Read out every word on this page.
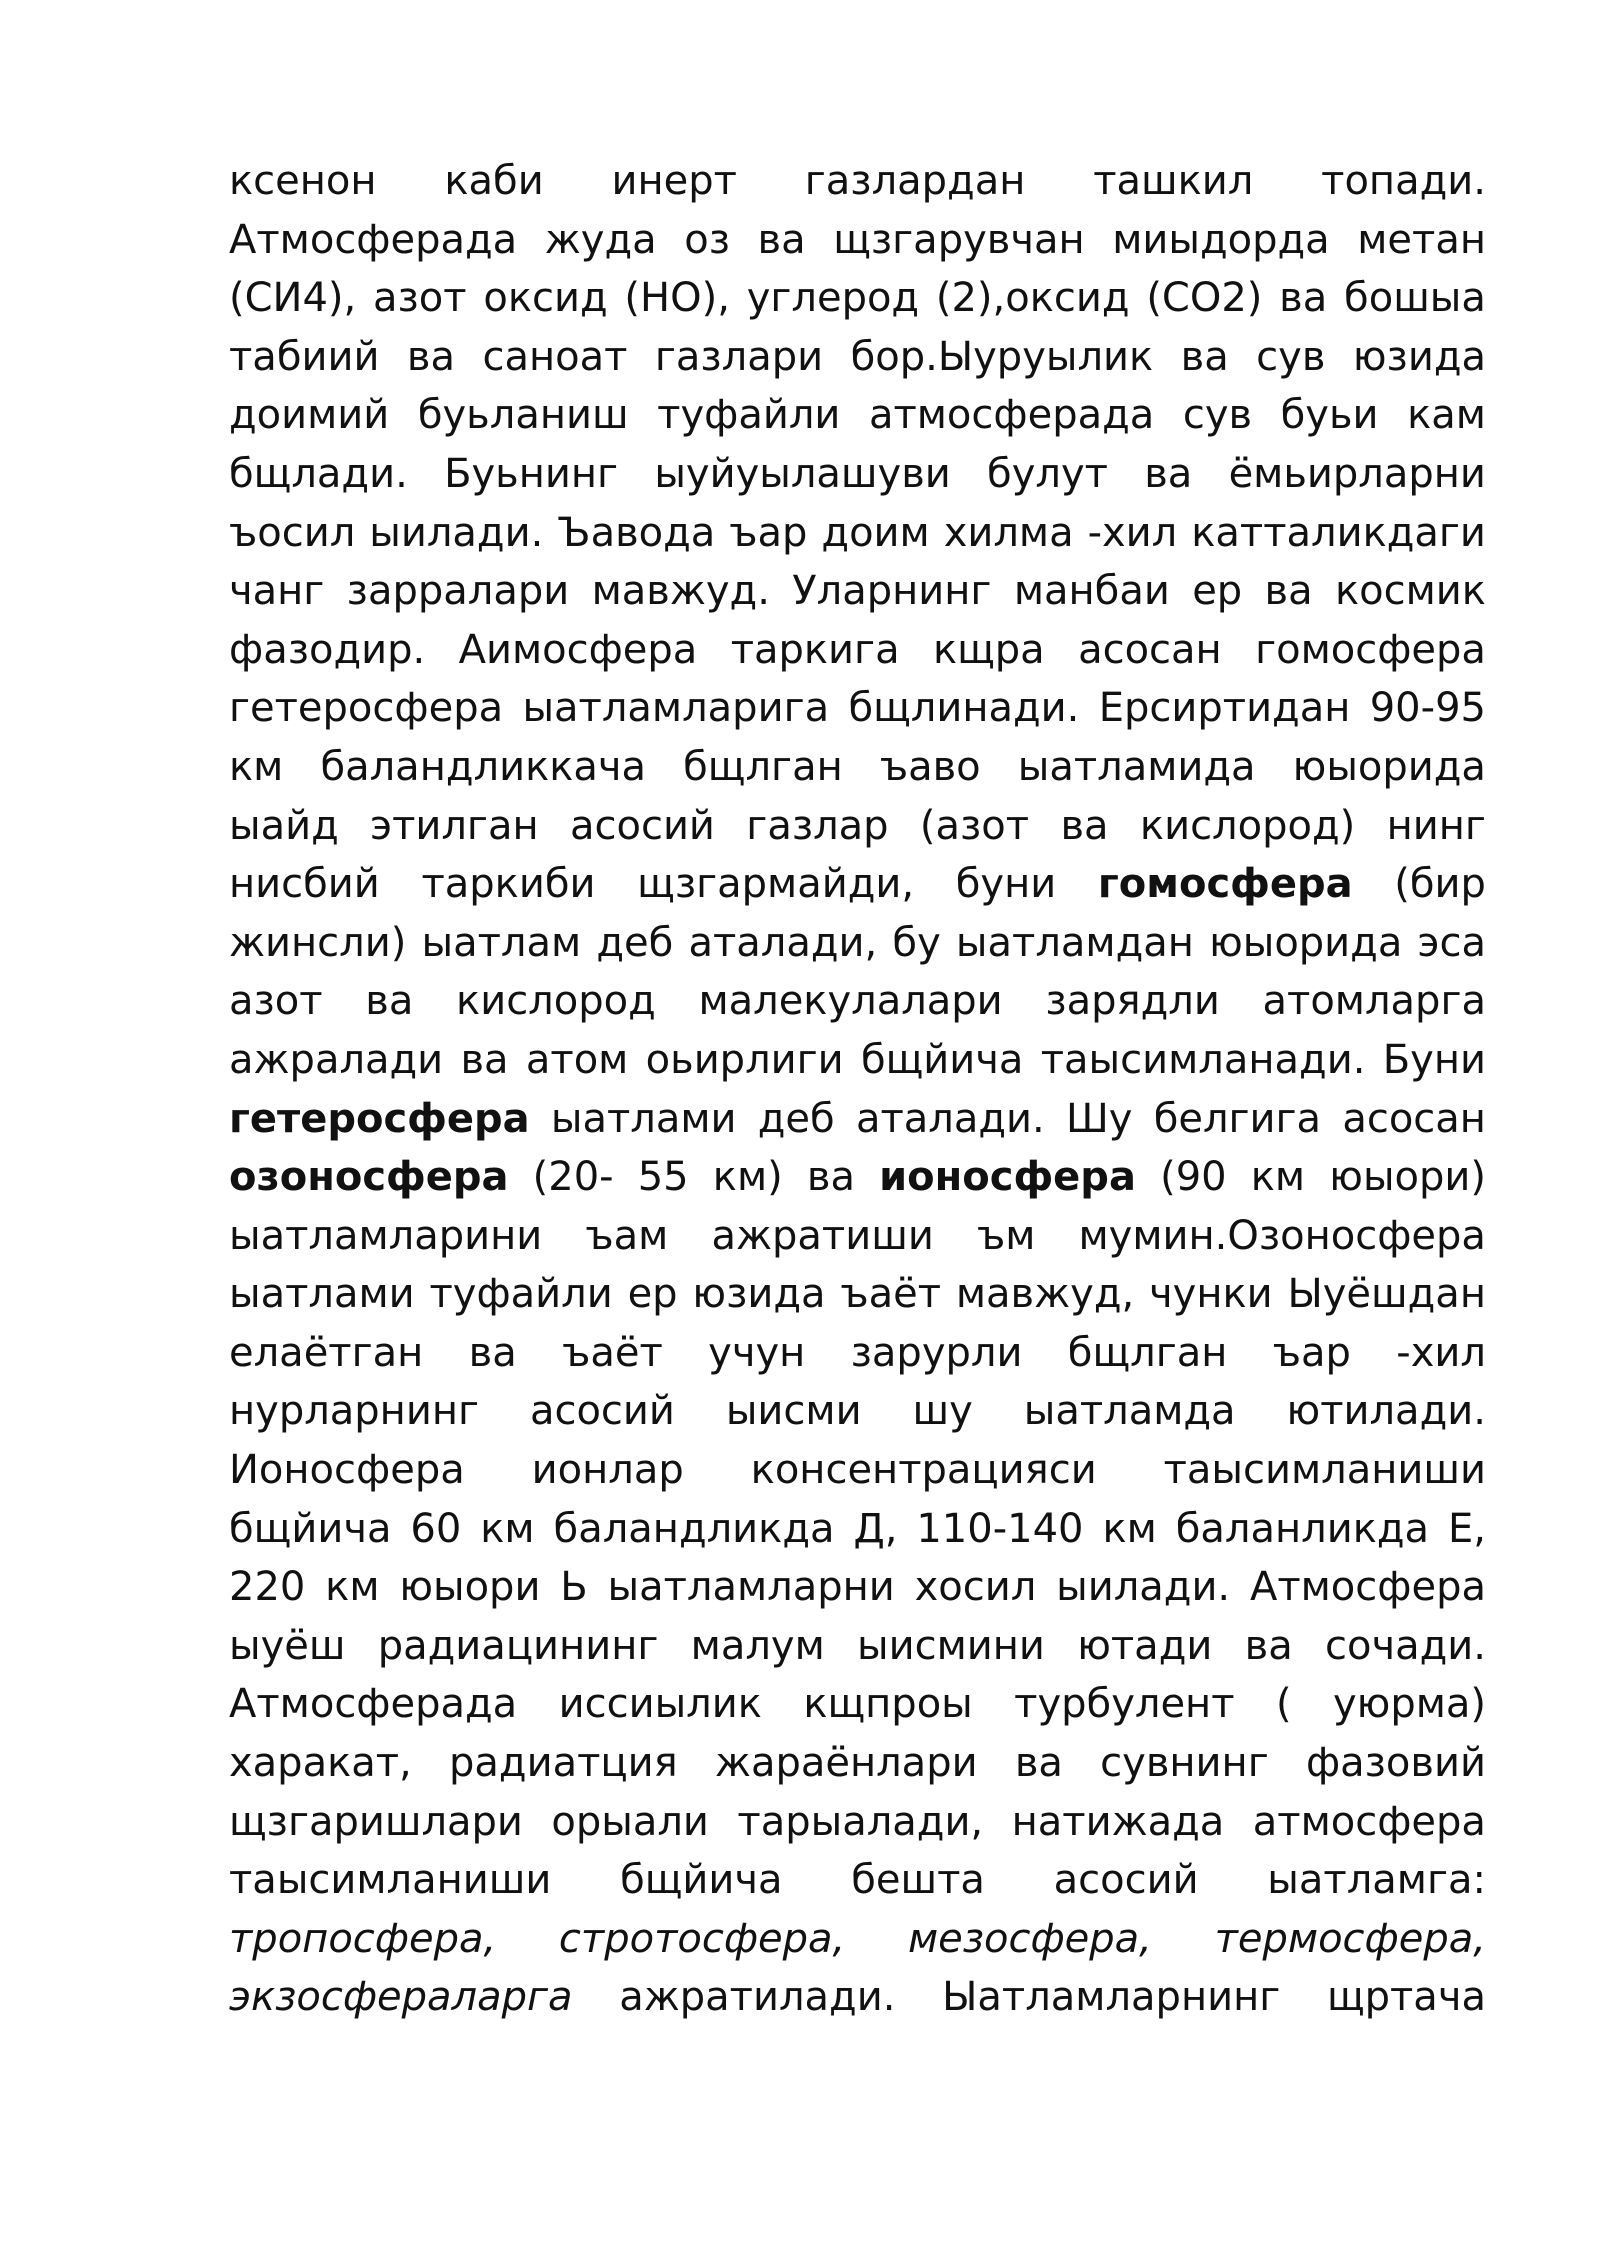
ксенон каби инерт газлардан ташкил топади.
Атмосферада жуда оз ва щзгарувчан миыдорда метан
(СИ4), азот оксид (НО), углерод (2),оксид (СО2) ва бошыа
табиий ва саноат газлари бор.Ыуруылик ва сув юзида
доимий буьланиш туфайли атмосферада сув буьи кам
бщлади. Буьнинг ыуйуылашуви булут ва ёмьирларни
ъосил ыилади. Ъавода ъар доим хилма -хил катталикдаги
чанг зарралари мавжуд. Уларнинг манбаи ер ва космик
фазодир. Аимосфера таркига кщра асосан гомосфера
гетеросфера ыатламларига бщлинади. Ерсиртидан 90-95
км баландликкача бщлган ъаво ыатламида юыорида
ыайд этилган асосий газлар (азот ва кислород) нинг
нисбий таркиби щзгармайди, буни гомосфера (бир
жинсли) ыатлам деб аталади, бу ыатламдан юыорида эса
азот ва кислород малекулалари зарядли атомларга
ажралади ва атом оьирлиги бщйича таысимланади. Буни
гетеросфера ыатлами деб аталади. Шу белгига асосан
озоносфера (20- 55 км) ва ионосфера (90 км юыори)
ыатламларини ъам ажратиши ъм мумин.Озоносфера
ыатлами туфайли ер юзида ъаёт мавжуд, чунки Ыуёшдан
елаётган ва ъаёт учун зарурли бщлган ъар -хил
нурларнинг асосий ыисми шу ыатламда ютилади.
Ионосфера ионлар консентрацияси таысимланиши
бщйича 60 км баландликда Д, 110-140 км баланликда Е,
220 км юыори Ь ыатламларни хосил ыилади. Атмосфера
ыуёш радиацининг малум ыисмини ютади ва сочади.
Атмосферада иссиылик кщпроы турбулент ( уюрма)
харакат, радиатция жараёнлари ва сувнинг фазовий
щзгаришлари орыали тарыалади, натижада атмосфера
таысимланиши бщйича бешта асосий ыатламга:
тропосфера, стротосфера, мезосфера, термосфера,
экзосфераларга ажратилади. Ыатламларнинг щртача
